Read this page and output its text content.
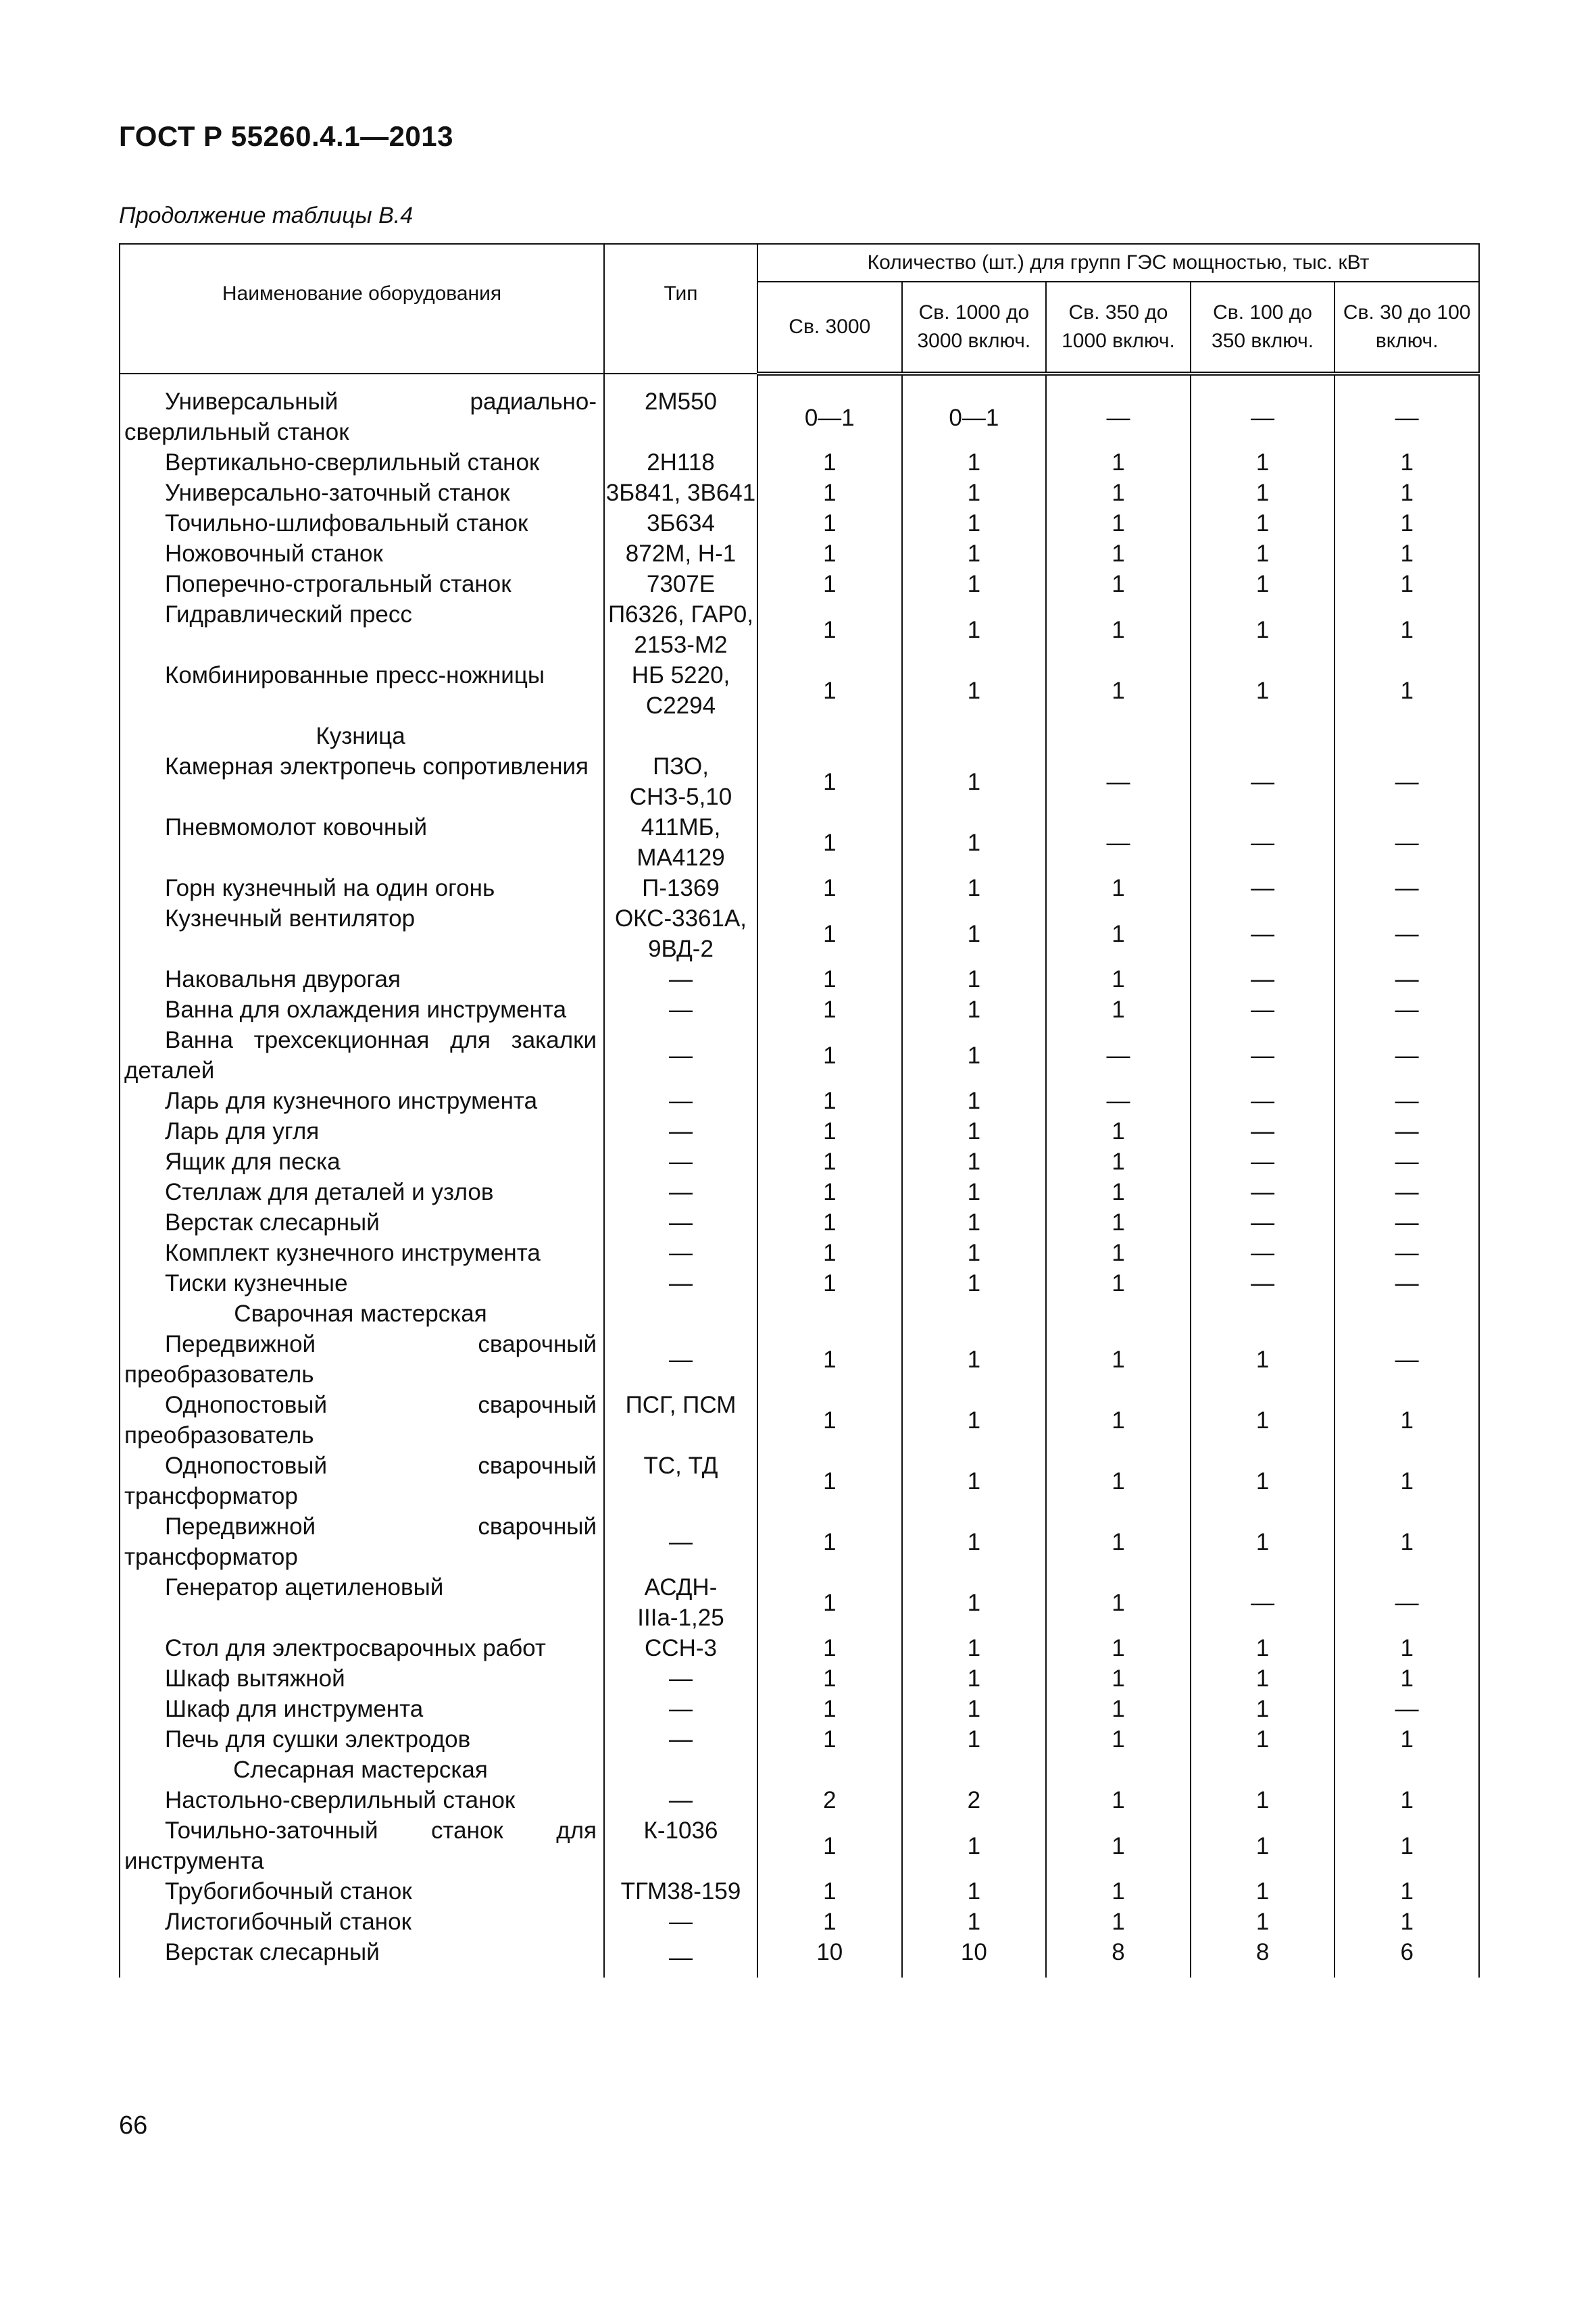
ГОСТ Р 55260.4.1—2013
Продолжение таблицы В.4
Наименование оборудования	Тип	Количество (шт.) для групп ГЭС мощностью, тыс. кВт				
		Св. 3000	Св. 1000 до 3000 включ.	Св. 350 до 1000 включ.	Св. 100 до 350 включ.	Св. 30 до 100 включ.
Универсальный радиально-сверлильный станок	2М550	0—1	0—1	—	—	—
Вертикально-сверлильный станок	2Н118	1	1	1	1	1
Универсально-заточный станок	3Б841, 3В641	1	1	1	1	1
Точильно-шлифовальный станок	3Б634	1	1	1	1	1
Ножовочный станок	872М, Н-1	1	1	1	1	1
Поперечно-строгальный станок	7307Е	1	1	1	1	1
Гидравлический пресс	П6326, ГАР0, 2153-М2	1	1	1	1	1
Комбинированные пресс-ножницы	НБ 5220, С2294	1	1	1	1	1
Кузница						
Камерная электропечь сопротивления	ПЗО, СНЗ-5,10	1	1	—	—	—
Пневмомолот ковочный	411МБ, МА4129	1	1	—	—	—
Горн кузнечный на один огонь	П-1369	1	1	1	—	—
Кузнечный вентилятор	ОКС-3361А, 9ВД-2	1	1	1	—	—
Наковальня двурогая	—	1	1	1	—	—
Ванна для охлаждения инструмента	—	1	1	1	—	—
Ванна трехсекционная для закалки деталей	—	1	1	—	—	—
Ларь для кузнечного инструмента	—	1	1	—	—	—
Ларь для угля	—	1	1	1	—	—
Ящик для песка	—	1	1	1	—	—
Стеллаж для деталей и узлов	—	1	1	1	—	—
Верстак слесарный	—	1	1	1	—	—
Комплект кузнечного инструмента	—	1	1	1	—	—
Тиски кузнечные	—	1	1	1	—	—
Сварочная мастерская						
Передвижной сварочный преобразователь	—	1	1	1	1	—
Однопостовый сварочный преобразователь	ПСГ, ПСМ	1	1	1	1	1
Однопостовый сварочный трансформатор	ТС, ТД	1	1	1	1	1
Передвижной сварочный трансформатор	—	1	1	1	1	1
Генератор ацетиленовый	АСДН-IIIа-1,25	1	1	1	—	—
Стол для электросварочных работ	ССН-3	1	1	1	1	1
Шкаф вытяжной	—	1	1	1	1	1
Шкаф для инструмента	—	1	1	1	1	—
Печь для сушки электродов	—	1	1	1	1	1
Слесарная мастерская						
Настольно-сверлильный станок	—	2	2	1	1	1
Точильно-заточный станок для инструмента	К-1036	1	1	1	1	1
Трубогибочный станок	ТГМ38-159	1	1	1	1	1
Листогибочный станок	—	1	1	1	1	1
Верстак слесарный	—	10	10	8	8	6
66
